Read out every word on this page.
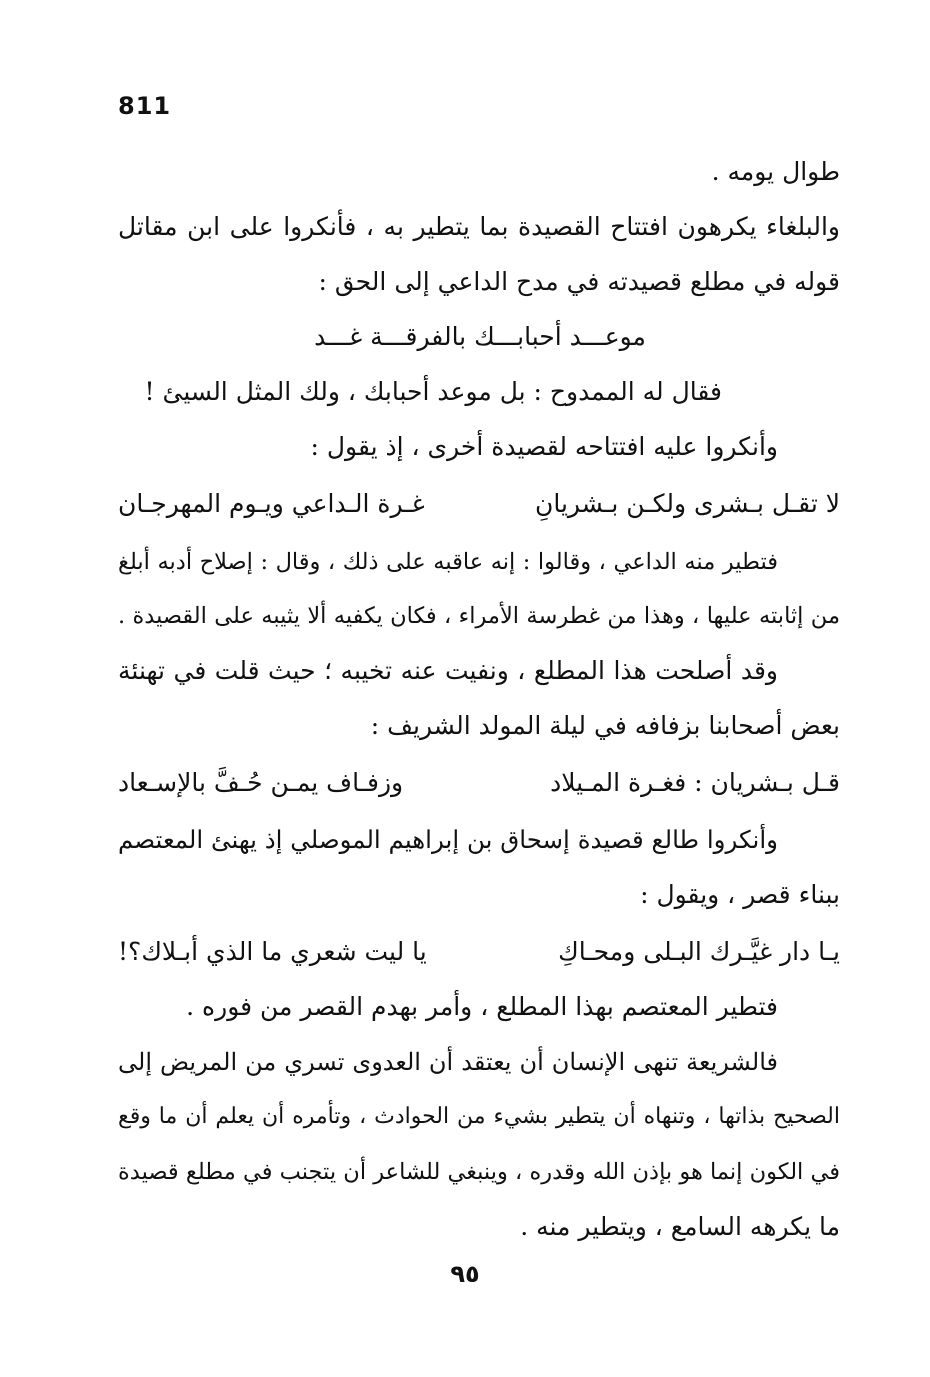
811
طوال يومه .
والبلغاء يكرهون افتتاح القصيدة بما يتطير به ، فأنكروا على ابن مقاتل
قوله في مطلع قصيدته في مدح الداعي إلى الحق :
موعـــد أحبابـــك بالفرقـــة غـــد
فقال له الممدوح : بل موعد أحبابك ، ولك المثل السيئ !
وأنكروا عليه افتتاحه لقصيدة أخرى ، إذ يقول :
لا تقـل بـشرى ولكـن بـشريانِ
غـرة الـداعي ويـوم المهرجـان
فتطير منه الداعي ، وقالوا : إنه عاقبه على ذلك ، وقال : إصلاح أدبه أبلغ
من إثابته عليها ، وهذا من غطرسة الأمراء ، فكان يكفيه ألا يثيبه على القصيدة .
وقد أصلحت هذا المطلع ، ونفيت عنه تخيبه ؛ حيث قلت في تهنئة
بعض أصحابنا بزفافه في ليلة المولد الشريف :
قـل بـشريان : فغـرة المـيلاد
وزفـاف يمـن حُـفَّ بالإسـعاد
وأنكروا طالع قصيدة إسحاق بن إبراهيم الموصلي إذ يهنئ المعتصم
ببناء قصر ، ويقول :
يـا دار غيَّـرك البـلى ومحـاكِ
يا ليت شعري ما الذي أبـلاك؟!
فتطير المعتصم بهذا المطلع ، وأمر بهدم القصر من فوره .
فالشريعة تنهى الإنسان أن يعتقد أن العدوى تسري من المريض إلى
الصحيح بذاتها ، وتنهاه أن يتطير بشيء من الحوادث ، وتأمره أن يعلم أن ما وقع
في الكون إنما هو بإذن الله وقدره ، وينبغي للشاعر أن يتجنب في مطلع قصيدة
ما يكرهه السامع ، ويتطير منه .
٩٥
